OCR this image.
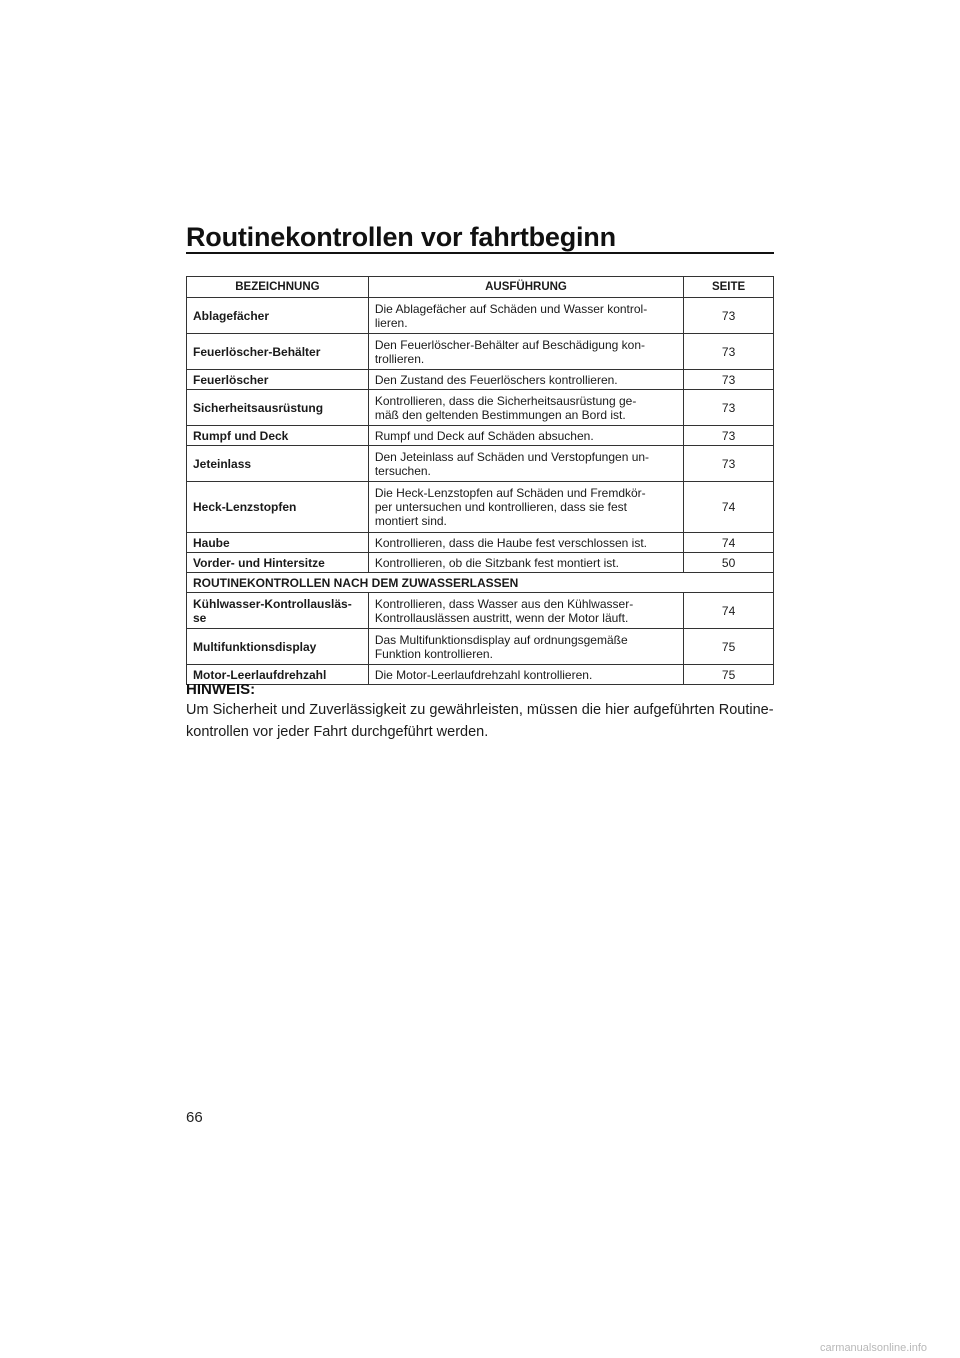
Routinekontrollen vor fahrtbeginn
BEZEICHNUNG	AUSFÜHRUNG	SEITE
Ablagefächer	Die Ablagefächer auf Schäden und Wasser kontrol-
lieren.	73
Feuerlöscher-Behälter	Den Feuerlöscher-Behälter auf Beschädigung kon-
trollieren.	73
Feuerlöscher	Den Zustand des Feuerlöschers kontrollieren.	73
Sicherheitsausrüstung	Kontrollieren, dass die Sicherheitsausrüstung ge-
mäß den geltenden Bestimmungen an Bord ist.	73
Rumpf und Deck	Rumpf und Deck auf Schäden absuchen.	73
Jeteinlass	Den Jeteinlass auf Schäden und Verstopfungen un-
tersuchen.	73
Heck-Lenzstopfen	Die Heck-Lenzstopfen auf Schäden und Fremdkör-
per untersuchen und kontrollieren, dass sie fest
montiert sind.	74
Haube	Kontrollieren, dass die Haube fest verschlossen ist.	74
Vorder- und Hintersitze	Kontrollieren, ob die Sitzbank fest montiert ist.	50
ROUTINEKONTROLLEN NACH DEM ZUWASSERLASSEN		
Kühlwasser-Kontrollausläs-
se	Kontrollieren, dass Wasser aus den Kühlwasser-
Kontrollauslässen austritt, wenn der Motor läuft.	74
Multifunktionsdisplay	Das Multifunktionsdisplay auf ordnungsgemäße
Funktion kontrollieren.	75
Motor-Leerlaufdrehzahl	Die Motor-Leerlaufdrehzahl kontrollieren.	75
HINWEIS:

Um Sicherheit und Zuverlässigkeit zu gewährleisten, müssen die hier aufgeführten Routine-
kontrollen vor jeder Fahrt durchgeführt werden.

66
carmanualsonline.info
